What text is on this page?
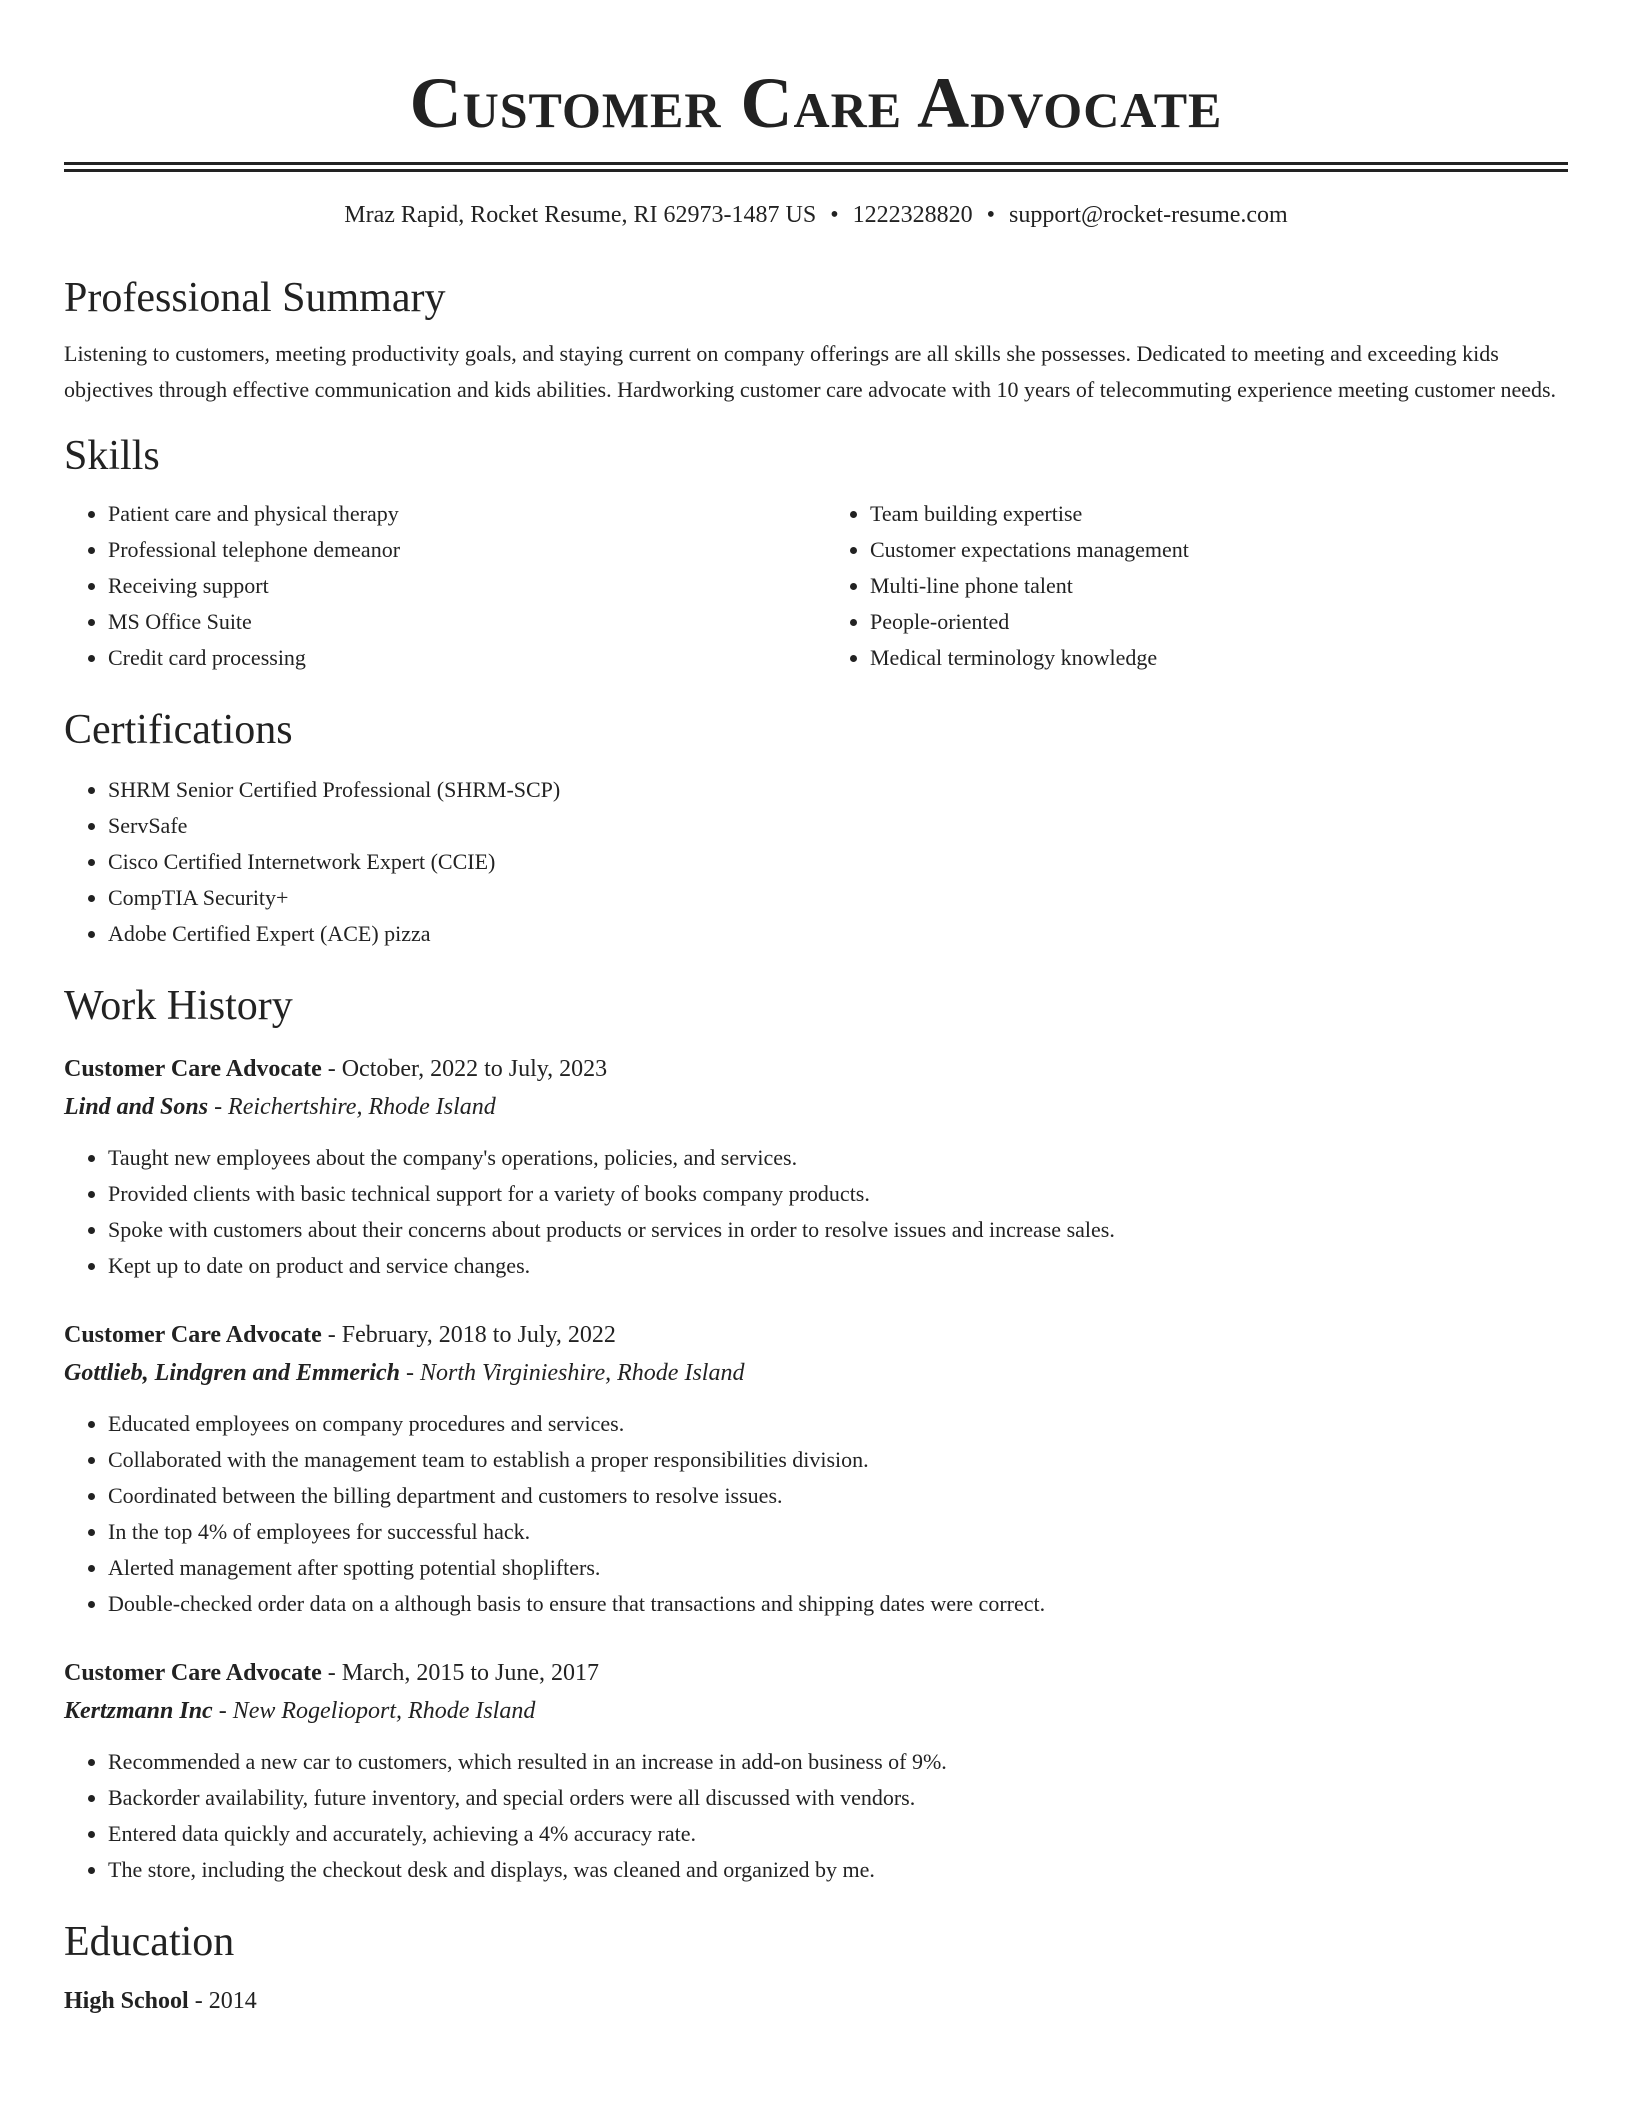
Customer Care Advocate
Mraz Rapid, Rocket Resume, RI 62973-1487 US • 1222328820 • support@rocket-resume.com
Professional Summary

Listening to customers, meeting productivity goals, and staying current on company offerings are all skills she possesses. Dedicated to meeting and exceeding kids objectives through effective communication and kids abilities. Hardworking customer care advocate with 10 years of telecommuting experience meeting customer needs.

Skills
• Patient care and physical therapy
• Professional telephone demeanor
• Receiving support
• MS Office Suite
• Credit card processing
• Team building expertise
• Customer expectations management
• Multi-line phone talent
• People-oriented
• Medical terminology knowledge
Certifications
• SHRM Senior Certified Professional (SHRM-SCP)
• ServSafe
• Cisco Certified Internetwork Expert (CCIE)
• CompTIA Security+
• Adobe Certified Expert (ACE) pizza
Work History
Customer Care Advocate - October, 2022 to July, 2023
Lind and Sons - Reichertshire, Rhode Island
• Taught new employees about the company's operations, policies, and services.
• Provided clients with basic technical support for a variety of books company products.
• Spoke with customers about their concerns about products or services in order to resolve issues and increase sales.
• Kept up to date on product and service changes.
Customer Care Advocate - February, 2018 to July, 2022
Gottlieb, Lindgren and Emmerich - North Virginieshire, Rhode Island
• Educated employees on company procedures and services.
• Collaborated with the management team to establish a proper responsibilities division.
• Coordinated between the billing department and customers to resolve issues.
• In the top 4% of employees for successful hack.
• Alerted management after spotting potential shoplifters.
• Double-checked order data on a although basis to ensure that transactions and shipping dates were correct.
Customer Care Advocate - March, 2015 to June, 2017
Kertzmann Inc - New Rogelioport, Rhode Island
• Recommended a new car to customers, which resulted in an increase in add-on business of 9%.
• Backorder availability, future inventory, and special orders were all discussed with vendors.
• Entered data quickly and accurately, achieving a 4% accuracy rate.
• The store, including the checkout desk and displays, was cleaned and organized by me.
Education
High School - 2014
